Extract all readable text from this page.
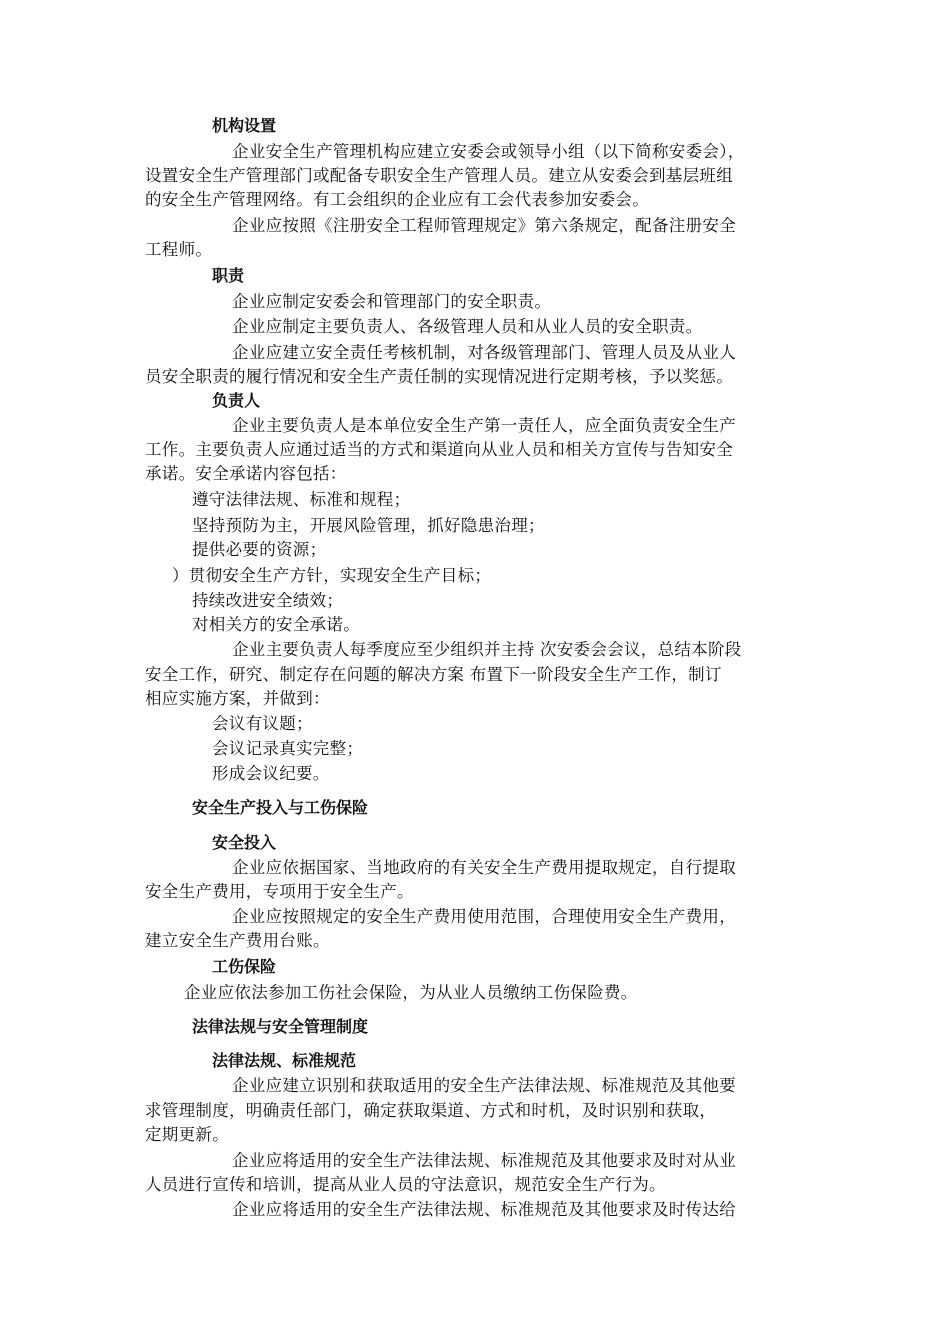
机构设置
企业安全生产管理机构应建立安委会或领导小组（以下简称安委会），
设置安全生产管理部门或配备专职安全生产管理人员。建立从安委会到基层班组
的安全生产管理网络。有工会组织的企业应有工会代表参加安委会。
企业应按照《注册安全工程师管理规定》第六条规定，配备注册安全
工程师。
职责
企业应制定安委会和管理部门的安全职责。
企业应制定主要负责人、各级管理人员和从业人员的安全职责。
企业应建立安全责任考核机制，对各级管理部门、管理人员及从业人
员安全职责的履行情况和安全生产责任制的实现情况进行定期考核，予以奖惩。
负责人
企业主要负责人是本单位安全生产第一责任人，应全面负责安全生产
工作。主要负责人应通过适当的方式和渠道向从业人员和相关方宣传与告知安全
承诺。安全承诺内容包括：
遵守法律法规、标准和规程；
坚持预防为主，开展风险管理，抓好隐患治理；
提供必要的资源；
）贯彻安全生产方针，实现安全生产目标；
持续改进安全绩效；
对相关方的安全承诺。
企业主要负责人每季度应至少组织并主持 次安委会会议，总结本阶段
安全工作，研究、制定存在问题的解决方案 布置下一阶段安全生产工作，制订
相应实施方案，并做到：
会议有议题；
会议记录真实完整；
形成会议纪要。
安全生产投入与工伤保险
安全投入
企业应依据国家、当地政府的有关安全生产费用提取规定，自行提取
安全生产费用，专项用于安全生产。
企业应按照规定的安全生产费用使用范围，合理使用安全生产费用，
建立安全生产费用台账。
工伤保险
企业应依法参加工伤社会保险，为从业人员缴纳工伤保险费。
法律法规与安全管理制度
法律法规、标准规范
企业应建立识别和获取适用的安全生产法律法规、标准规范及其他要
求管理制度，明确责任部门，确定获取渠道、方式和时机，及时识别和获取，
定期更新。
企业应将适用的安全生产法律法规、标准规范及其他要求及时对从业
人员进行宣传和培训，提高从业人员的守法意识，规范安全生产行为。
企业应将适用的安全生产法律法规、标准规范及其他要求及时传达给
